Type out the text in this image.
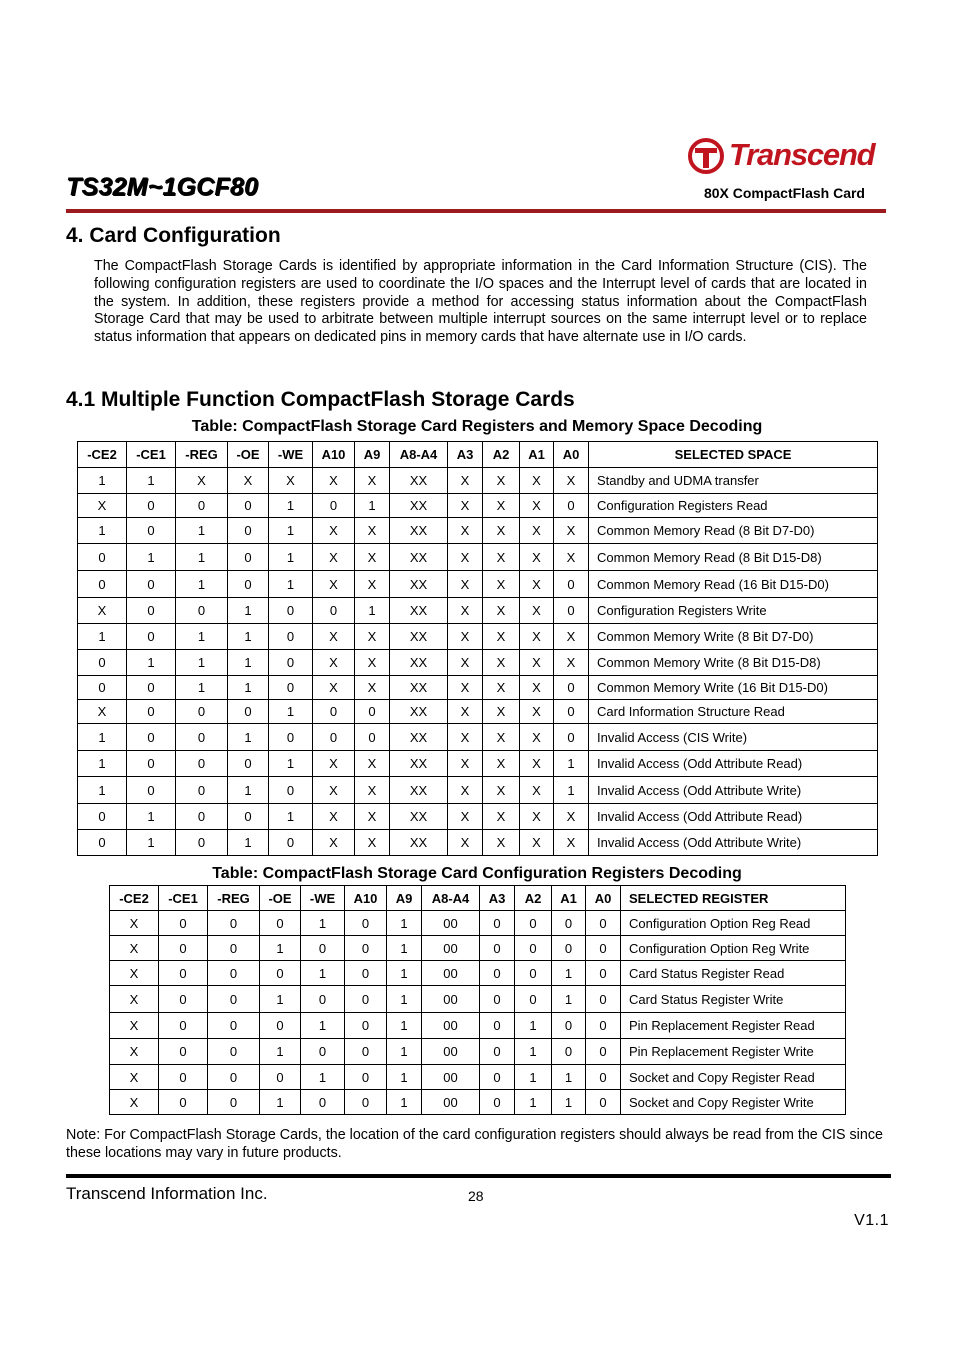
Transcend
TS32M~1GCF80	80X CompactFlash Card
4. Card Configuration

The CompactFlash Storage Cards is identified by appropriate information in the Card Information Structure (CIS). The following configuration registers are used to coordinate the I/O spaces and the Interrupt level of cards that are located in the system. In addition, these registers provide a method for accessing status information about the CompactFlash Storage Card that may be used to arbitrate between multiple interrupt sources on the same interrupt level or to replace status information that appears on dedicated pins in memory cards that have alternate use in I/O cards.

4.1 Multiple Function CompactFlash Storage Cards
Table: CompactFlash Storage Card Registers and Memory Space Decoding
-CE2	-CE1	-REG	-OE	-WE	A10	A9	A8-A4	A3	A2	A1	A0	SELECTED SPACE
1	1	X	X	X	X	X	XX	X	X	X	X	Standby and UDMA transfer
X	0	0	0	1	0	1	XX	X	X	X	0	Configuration Registers Read
1	0	1	0	1	X	X	XX	X	X	X	X	Common Memory Read (8 Bit D7-D0)
0	1	1	0	1	X	X	XX	X	X	X	X	Common Memory Read (8 Bit D15-D8)
0	0	1	0	1	X	X	XX	X	X	X	0	Common Memory Read (16 Bit D15-D0)
X	0	0	1	0	0	1	XX	X	X	X	0	Configuration Registers Write
1	0	1	1	0	X	X	XX	X	X	X	X	Common Memory Write (8 Bit D7-D0)
0	1	1	1	0	X	X	XX	X	X	X	X	Common Memory Write (8 Bit D15-D8)
0	0	1	1	0	X	X	XX	X	X	X	0	Common Memory Write (16 Bit D15-D0)
X	0	0	0	1	0	0	XX	X	X	X	0	Card Information Structure Read
1	0	0	1	0	0	0	XX	X	X	X	0	Invalid Access (CIS Write)
1	0	0	0	1	X	X	XX	X	X	X	1	Invalid Access (Odd Attribute Read)
1	0	0	1	0	X	X	XX	X	X	X	1	Invalid Access (Odd Attribute Write)
0	1	0	0	1	X	X	XX	X	X	X	X	Invalid Access (Odd Attribute Read)
0	1	0	1	0	X	X	XX	X	X	X	X	Invalid Access (Odd Attribute Write)
Table: CompactFlash Storage Card Configuration Registers Decoding
-CE2	-CE1	-REG	-OE	-WE	A10	A9	A8-A4	A3	A2	A1	A0	SELECTED REGISTER
X	0	0	0	1	0	1	00	0	0	0	0	Configuration Option Reg Read
X	0	0	1	0	0	1	00	0	0	0	0	Configuration Option Reg Write
X	0	0	0	1	0	1	00	0	0	1	0	Card Status Register Read
X	0	0	1	0	0	1	00	0	0	1	0	Card Status Register Write
X	0	0	0	1	0	1	00	0	1	0	0	Pin Replacement Register Read
X	0	0	1	0	0	1	00	0	1	0	0	Pin Replacement Register Write
X	0	0	0	1	0	1	00	0	1	1	0	Socket and Copy Register Read
X	0	0	1	0	0	1	00	0	1	1	0	Socket and Copy Register Write

Note: For CompactFlash Storage Cards, the location of the card configuration registers should always be read from the CIS since these locations may vary in future products.

Transcend Information Inc.	28
V1.1
